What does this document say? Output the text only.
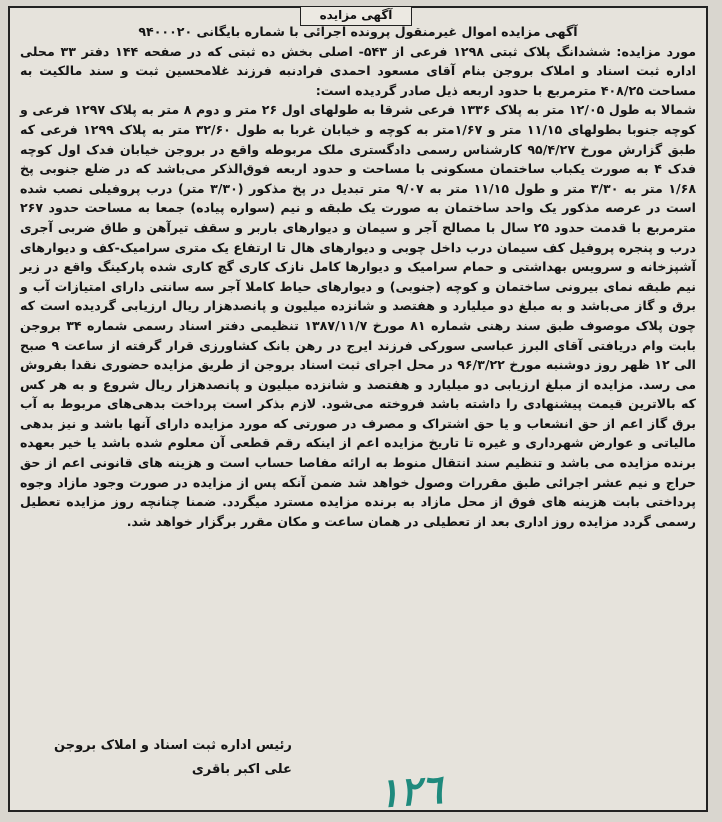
آگهی مزایده

آگهی مزایده اموال غیرمنقول پرونده اجرائی با شماره بایگانی ۹۴۰۰۰۲۰

مورد مزایده: ششدانگ پلاک ثبتی ۱۲۹۸ فرعی از ۵۴۳- اصلی بخش ده ثبتی که در صفحه ۱۴۴ دفتر ۳۳ محلی اداره ثبت اسناد و املاک بروجن بنام آقای مسعود احمدی فرادنبه فرزند غلامحسین ثبت و سند مالکیت به مساحت ۴۰۸/۲۵ مترمربع با حدود اربعه ذیل صادر گردیده است:

شمالا به طول ۱۲/۰۵ متر به پلاک ۱۳۳۶ فرعی شرقا به طولهای اول ۲۶ متر و دوم ۸ متر به پلاک ۱۲۹۷ فرعی و کوچه جنوبا بطولهای ۱۱/۱۵ متر و ۱/۶۷متر به کوچه و خیابان غربا به طول ۳۲/۶۰ متر به پلاک ۱۲۹۹ فرعی که طبق گزارش مورخ ۹۵/۴/۲۷ کارشناس رسمی دادگستری ملک مربوطه واقع در بروجن خیابان فدک اول کوچه فدک ۴ به صورت یکباب ساختمان مسکونی با مساحت و حدود اربعه فوق‌الذکر می‌باشد که در ضلع جنوبی پخ ۱/۶۸ متر به ۳/۳۰ متر و طول ۱۱/۱۵ متر به ۹/۰۷ متر تبدیل در پخ مذکور (۳/۳۰ متر) درب پروفیلی نصب شده است در عرصه مذکور یک واحد ساختمان به صورت یک طبقه و نیم (سواره پیاده) جمعا به مساحت حدود ۲۶۷ مترمربع با قدمت حدود ۲۵ سال با مصالح آجر و سیمان و دیوارهای باربر و سقف تیرآهن و طاق ضربی آجری درب و پنجره پروفیل کف سیمان درب داخل چوبی و دیوارهای هال تا ارتفاع یک متری سرامیک-کف و دیوارهای آشپزخانه و سرویس بهداشتی و حمام سرامیک و دیوارها کامل نازک کاری گچ کاری شده پارکینگ واقع در زیر نیم طبقه نمای بیرونی ساختمان و کوچه (جنوبی) و دیوارهای حیاط کاملا آجر سه سانتی دارای امتیازات آب و برق و گاز می‌باشد و به مبلغ دو میلیارد و هفتصد و شانزده میلیون و پانصدهزار ریال ارزیابی گردیده است که چون پلاک موصوف طبق سند رهنی شماره ۸۱ مورخ ۱۳۸۷/۱۱/۷ تنظیمی دفتر اسناد رسمی شماره ۳۴ بروجن بابت وام دریافتی آقای البرز عباسی سورکی فرزند ایرج در رهن بانک کشاورزی قرار گرفته از ساعت ۹ صبح الی ۱۲ ظهر روز دوشنبه مورخ ۹۶/۳/۲۲ در محل اجرای ثبت اسناد بروجن از طریق مزایده حضوری نقدا بفروش می رسد. مزایده از مبلغ ارزیابی دو میلیارد و هفتصد و شانزده میلیون و پانصدهزار ریال شروع و به هر کس که بالاترین قیمت پیشنهادی را داشته باشد فروخته می‌شود. لازم بذکر است پرداخت بدهی‌های مربوط به آب برق گاز اعم از حق انشعاب و یا حق اشتراک و مصرف در صورتی که مورد مزایده دارای آنها باشد و نیز بدهی مالیاتی و عوارض شهرداری و غیره تا تاریخ مزایده اعم از اینکه رقم قطعی آن معلوم شده باشد یا خیر بعهده برنده مزایده می باشد و تنظیم سند انتقال منوط به ارائه مفاصا حساب است و هزینه های قانونی اعم از حق حراج و نیم عشر اجرائی طبق مقررات وصول خواهد شد ضمن آنکه پس از مزایده در صورت وجود مازاد وجوه پرداختی بابت هزینه های فوق از محل مازاد به برنده مزایده مسترد میگردد. ضمنا چنانچه روز مزایده تعطیل رسمی گردد مزایده روز اداری بعد از تعطیلی در همان ساعت و مکان مقرر برگزار خواهد شد.

رئیس اداره ثبت اسناد و املاک بروجن
علی اکبر باقری ١٢٦
